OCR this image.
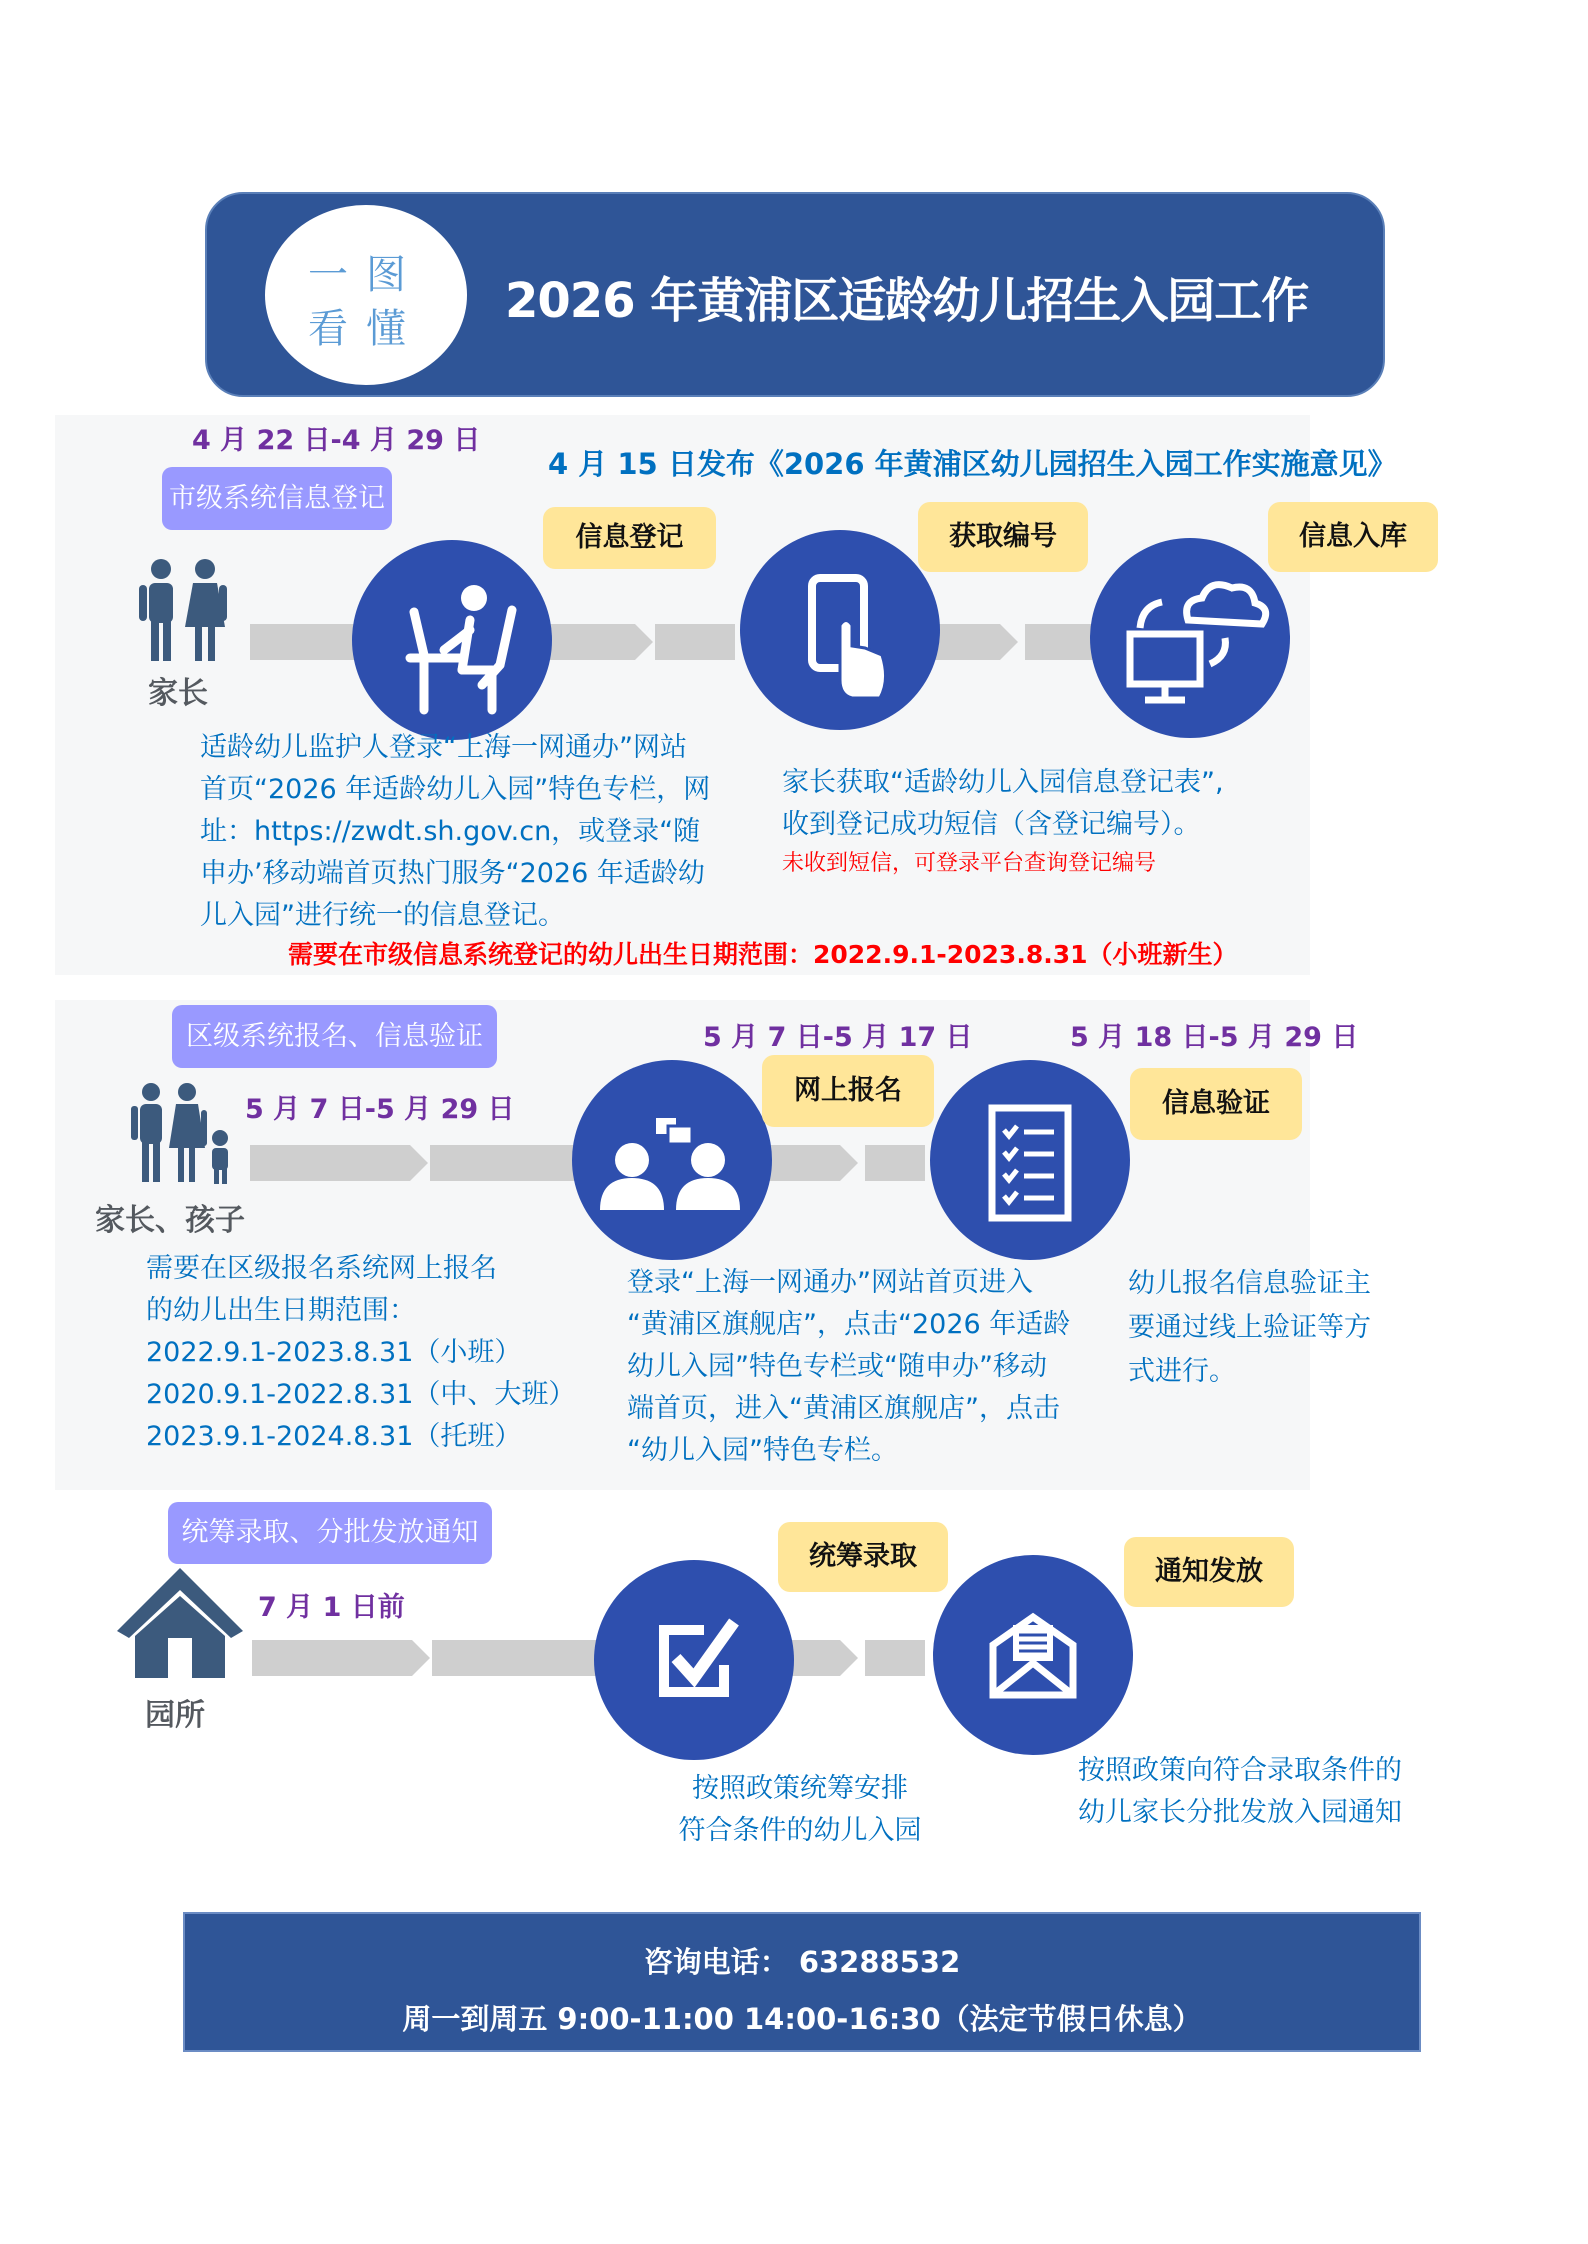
一图
看懂	2026 年黄浦区适龄幼儿招生入园工作
4 月 22 日-4 月 29 日
市级系统信息登记
4 月 15 日发布《2026 年黄浦区幼儿园招生入园工作实施意见》
家长
信息登记	获取编号	信息入库
适龄幼儿监护人登录“上海一网通办”网站
首页“2026 年适龄幼儿入园”特色专栏，网
址：https://zwdt.sh.gov.cn，或登录“随
申办’移动端首页热门服务“2026 年适龄幼
儿入园”进行统一的信息登记。
家长获取“适龄幼儿入园信息登记表”,
收到登记成功短信（含登记编号）。
未收到短信，可登录平台查询登记编号
需要在市级信息系统登记的幼儿出生日期范围：2022.9.1-2023.8.31（小班新生）
区级系统报名、信息验证
5 月 7 日-5 月 29 日
5 月 7 日-5 月 17 日	5 月 18 日-5 月 29 日
家长、孩子
网上报名	信息验证
需要在区级报名系统网上报名
的幼儿出生日期范围：
2022.9.1-2023.8.31（小班）
2020.9.1-2022.8.31（中、大班）
2023.9.1-2024.8.31（托班）
登录“上海一网通办”网站首页进入
“黄浦区旗舰店”，点击“2026 年适龄
幼儿入园”特色专栏或“随申办”移动
端首页，进入“黄浦区旗舰店”，点击
“幼儿入园”特色专栏。
幼儿报名信息验证主
要通过线上验证等方
式进行。
统筹录取、分批发放通知
7 月 1 日前
园所
统筹录取	通知发放
按照政策统筹安排
符合条件的幼儿入园
按照政策向符合录取条件的
幼儿家长分批发放入园通知
咨询电话： 63288532
周一到周五 9:00-11:00 14:00-16:30（法定节假日休息）
